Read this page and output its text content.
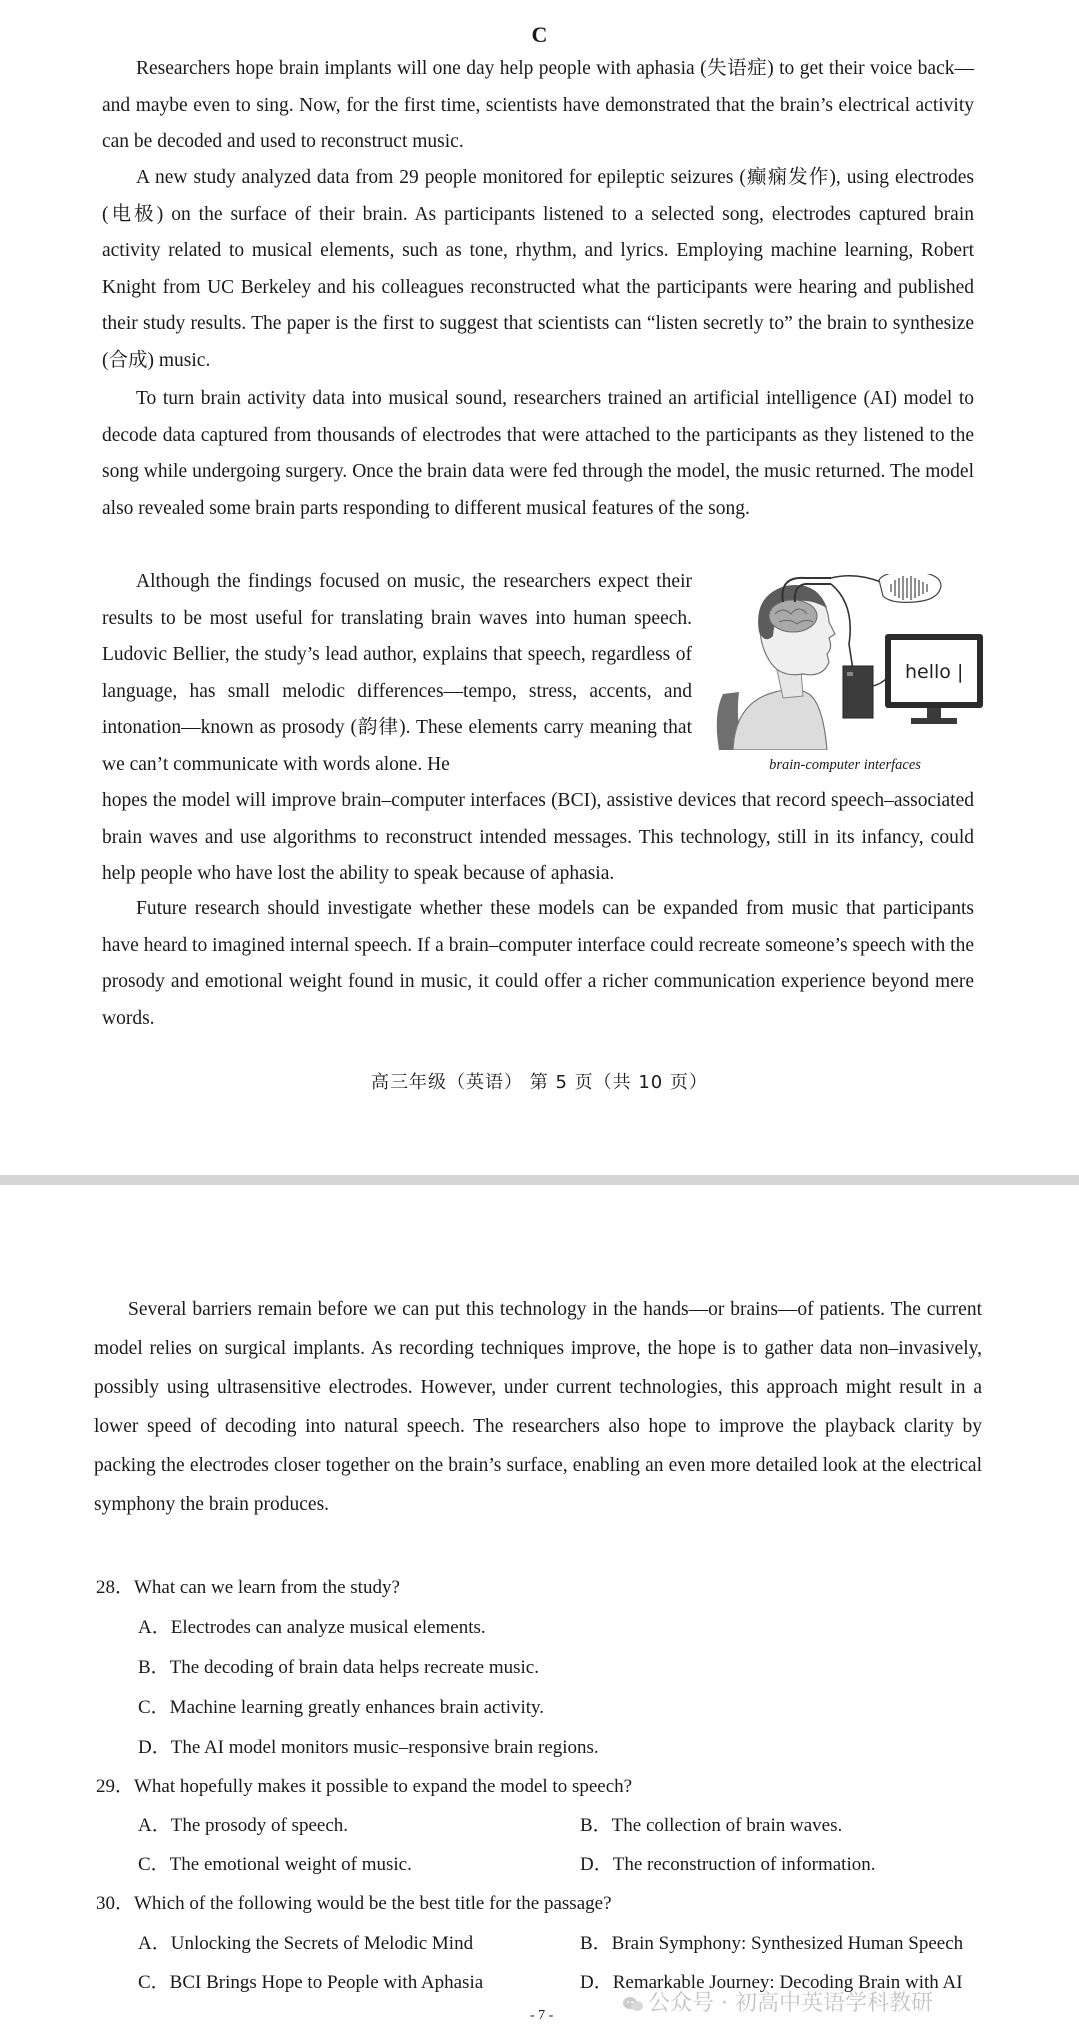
C

Researchers hope brain implants will one day help people with aphasia (失语症) to get their voice back—and maybe even to sing. Now, for the first time, scientists have demonstrated that the brain’s electrical activity can be decoded and used to reconstruct music.

A new study analyzed data from 29 people monitored for epileptic seizures (癫痫发作), using electrodes (电极) on the surface of their brain. As participants listened to a selected song, electrodes captured brain activity related to musical elements, such as tone, rhythm, and lyrics. Employing machine learning, Robert Knight from UC Berkeley and his colleagues reconstructed what the participants were hearing and published their study results. The paper is the first to suggest that scientists can “listen secretly to” the brain to synthesize (合成) music.

To turn brain activity data into musical sound, researchers trained an artificial intelligence (AI) model to decode data captured from thousands of electrodes that were attached to the participants as they listened to the song while undergoing surgery. Once the brain data were fed through the model, the music returned. The model also revealed some brain parts responding to different musical features of the song.

Although the findings focused on music, the researchers expect their results to be most useful for translating brain waves into human speech. Ludovic Bellier, the study’s lead author, explains that speech, regardless of language, has small melodic differences—tempo, stress, accents, and intonation—known as prosody (韵律). These elements carry meaning that we can’t communicate with words alone. He

hello |
brain-computer interfaces

hopes the model will improve brain–computer interfaces (BCI), assistive devices that record speech–associated brain waves and use algorithms to reconstruct intended messages. This technology, still in its infancy, could help people who have lost the ability to speak because of aphasia.

Future research should investigate whether these models can be expanded from music that participants have heard to imagined internal speech. If a brain–computer interface could recreate someone’s speech with the prosody and emotional weight found in music, it could offer a richer communication experience beyond mere words.

高三年级（英语） 第 5 页（共 10 页）

Several barriers remain before we can put this technology in the hands—or brains—of patients. The current model relies on surgical implants. As recording techniques improve, the hope is to gather data non–invasively, possibly using ultrasensitive electrodes. However, under current technologies, this approach might result in a lower speed of decoding into natural speech. The researchers also hope to improve the playback clarity by packing the electrodes closer together on the brain’s surface, enabling an even more detailed look at the electrical symphony the brain produces.

28．What can we learn from the study?
A．Electrodes can analyze musical elements.
B．The decoding of brain data helps recreate music.
C．Machine learning greatly enhances brain activity.
D．The AI model monitors music–responsive brain regions.
29．What hopefully makes it possible to expand the model to speech?
A．The prosody of speech.	B．The collection of brain waves.
C．The emotional weight of music.	D．The reconstruction of information.
30．Which of the following would be the best title for the passage?
A．Unlocking the Secrets of Melodic Mind	B．Brain Symphony: Synthesized Human Speech
C．BCI Brings Hope to People with Aphasia	D．Remarkable Journey: Decoding Brain with AI
公众号 · 初高中英语学科教研
- 7 -
